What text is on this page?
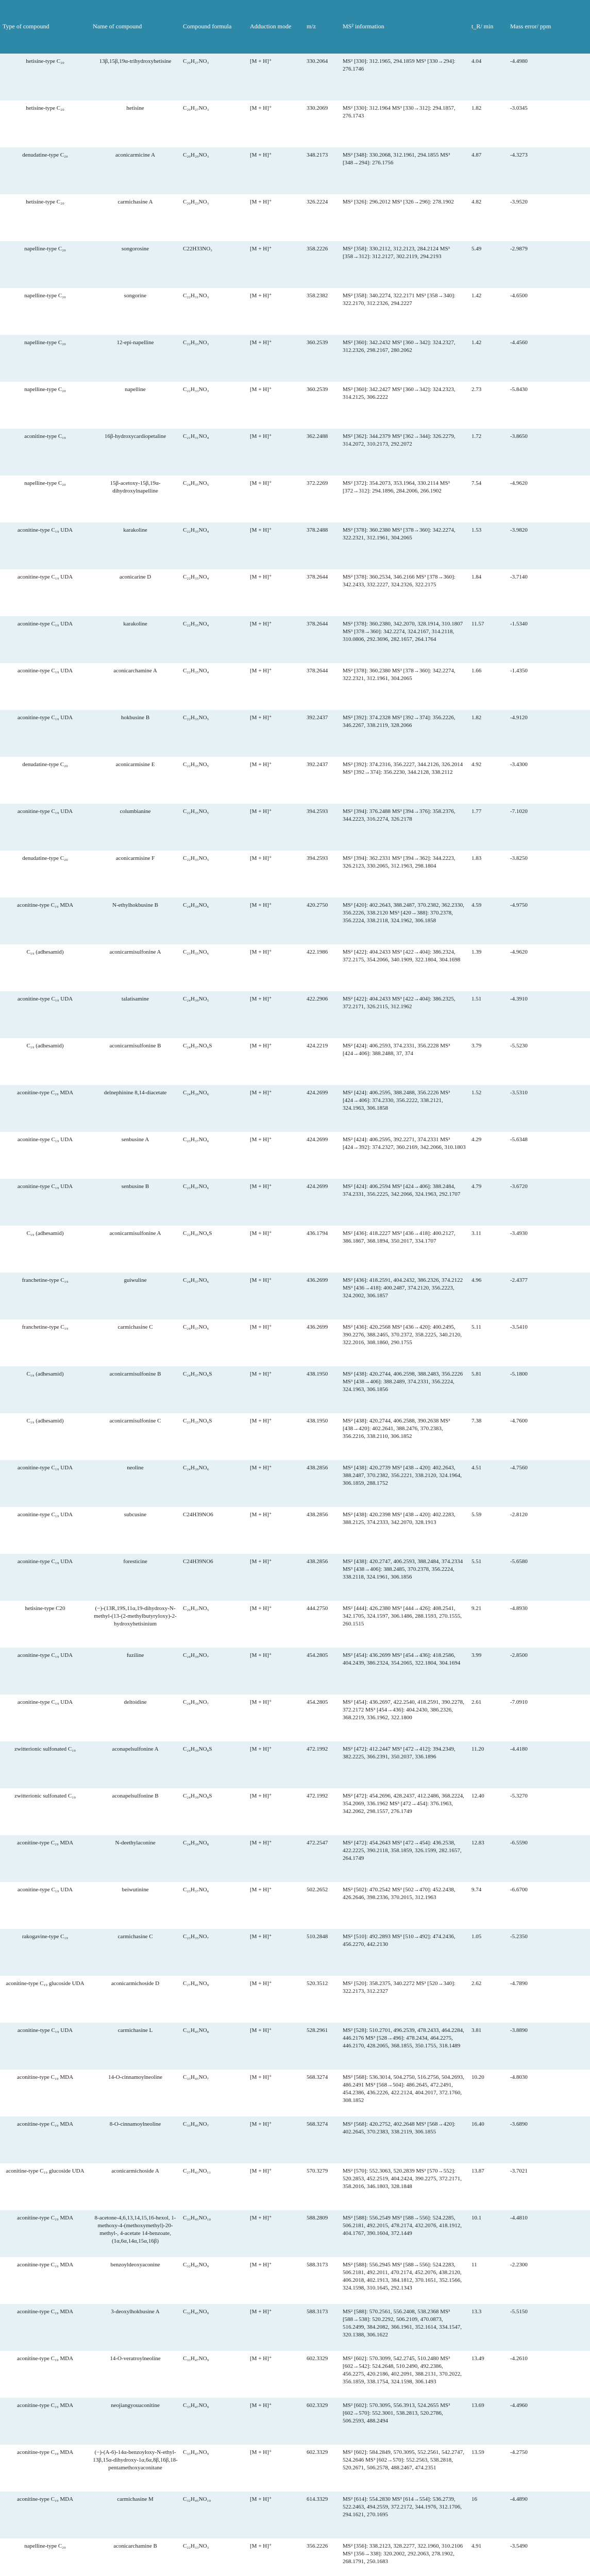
Type of compound	Name of compound	Compound formula	Adduction mode	m/z	MS² information	t_R/ min	Mass error/ ppm
hetisine-type C₂₀	13β,15β,19α-trihydroxyhetisine	C₂₀H₂₇NO₃	[M + H]⁺	330.2064	MS² [330]: 312.1965, 294.1859 MS³ [330→294]: 276.1746	4.04	-4.4980
hetisine-type C₂₀	hetisine	C₂₀H₂₇NO₃	[M + H]⁺	330.2069	MS² [330]: 312.1964 MS³ [330→312]: 294.1857, 276.1743	1.82	-3.0345
denudatine-type C₂₀	aconicarmicine A	C₂₀H₂₉NO₃	[M + H]⁺	348.2173	MS² [348]: 330.2068, 312.1961, 294.1855 MS³ [348→294]: 276.1756	4.87	-4.3273
hetisine-type C₂₀	carmichasine A	C₂₀H₂₃NO₃	[M + H]⁺	326.2224	MS² [326]: 296.2012 MS³ [326→296]: 278.1902	4.82	-3.9520
napelline-type C₂₀	songorosine	C22H33NO₃	[M + H]⁺	358.2226	MS² [358]: 330.2112, 312.2123, 284.2124 MS³ [358→312]: 312.2127, 302.2119, 294.2193	5.49	-2.9879
napelline-type C₂₀	songorine	C₂₂H₃₁NO₃	[M + H]⁺	358.2382	MS² [358]: 340.2274, 322.2171 MS³ [358→340]: 322.2170, 312.2326, 294.2227	1.42	-4.6500
napelline-type C₂₀	12-epi-napelline	C₂₂H₃₃NO₃	[M + H]⁺	360.2539	MS² [360]: 342.2432 MS³ [360→342]: 324.2327, 312.2326, 298.2167, 280.2062	1.42	-4.4560
napelline-type C₂₀	napelline	C₂₂H₃₃NO₃	[M + H]⁺	360.2539	MS² [360]: 342.2427 MS³ [360→342]: 324.2323, 314.2125, 306.2222	2.73	-5.8430
aconitine-type C₁₉	16β-hydroxycardiopetaline	C₂₁H₃₁NO₄	[M + H]⁺	362.2488	MS² [362]: 344.2379 MS³ [362→344]: 326.2279, 314.2072, 310.2173, 292.2072	1.72	-3.8650
napelline-type C₂₀	15β-acetoxy-15β,19α-dihydroxylnapelline	C₂₄H₃₅NO₅	[M + H]⁺	372.2269	MS² [372]: 354.2073, 353.1964, 330.2114 MS³ [372→312]: 294.1896, 284.2006, 266.1902	7.54	-4.9620
aconitine-type C₁₉ UDA	karakoline	C₂₂H₃₅NO₄	[M + H]⁺	378.2488	MS² [378]: 360.2380 MS³ [378→360]: 342.2274, 322.2321, 312.1961, 304.2065	1.53	-3.9820
aconitine-type C₁₉ UDA	aconicarine D	C₂₂H₃₅NO₄	[M + H]⁺	378.2644	MS² [378]: 360.2534, 346.2166 MS³ [378→360]: 342.2433, 332.2227, 324.2326, 322.2175	1.84	-3.7140
aconitine-type C₁₉ UDA	karakoline	C₂₂H₃₅NO₄	[M + H]⁺	378.2644	MS² [378]: 360.2380, 342.2070, 328.1914, 310.1807 MS³ [378→360]: 342.2274, 324.2167, 314.2118, 310.0806, 292.3696, 282.1657, 264.1764	11.57	-1.5340
aconitine-type C₁₉ UDA	aconicarchamine A	C₂₂H₃₅NO₄	[M + H]⁺	378.2644	MS² [378]: 360.2380 MS³ [378→360]: 342.2274, 322.2321, 312.1961, 304.2065	1.66	-1.4350
aconitine-type C₁₉ UDA	hokbusine B	C₂₂H₃₅NO₅	[M + H]⁺	392.2437	MS² [392]: 374.2328 MS³ [392→374]: 356.2226, 346.2267, 338.2119, 328.2066	1.82	-4.9120
denudatine-type C₂₀	aconicarmisine E	C₂₂H₃₅NO₅	[M + H]⁺	392.2437	MS² [392]: 374.2316, 356.2227, 344.2126, 326.2014 MS³ [392→374]: 356.2230, 344.2128, 338.2112	4.92	-3.4300
aconitine-type C₁₉ UDA	columbianine	C₂₂H₃₅NO₅	[M + H]⁺	394.2593	MS² [394]: 376.2488 MS³ [394→376]: 358.2376, 344.2223, 316.2274, 326.2178	1.77	-7.1020
denudatine-type C₂₀	aconicarmisine F	C₂₂H₃₅NO₅	[M + H]⁺	394.2593	MS² [394]: 362.2331 MS³ [394→362]: 344.2223, 326.2123, 330.2065, 312.1963, 298.1804	1.83	-3.8250
aconitine-type C₁₉ MDA	N-ethylhokbusine B	C₂₄H₃₉NO₆	[M + H]⁺	420.2750	MS² [420]: 402.2643, 388.2487, 370.2382, 362.2330, 356.2226, 338.2120 MS³ [420→388]: 370.2378, 356.2224, 338.2118, 324.1962, 306.1858	4.59	-4.9750
C₁₉ (adhesamid)	aconicarmisulfonine A	C₂₃H₃₅NO₆	[M + H]⁺	422.1986	MS² [422]: 404.2433 MS³ [422→404]: 386.2324, 372.2175, 354.2066, 340.1909, 322.1804, 304.1698	1.39	-4.9620
aconitine-type C₁₉ UDA	talatisamine	C₂₄H₃₉NO₅	[M + H]⁺	422.2906	MS² [422]: 404.2433 MS³ [422→404]: 386.2325, 372.2171, 326.2115, 312.1962	1.51	-4.3910
C₁₉ (adhesamid)	aconicarmisulfonine B	C₂₄H₃₇NO₆S	[M + H]⁺	424.2219	MS² [424]: 406.2593, 374.2331, 356.2228 MS³ [424→406]: 388.2488, 37, 374	3.79	-5.5230
aconitine-type C₁₉ MDA	delnephinine 8,14-diacetate	C₂₄H₃₉NO₆	[M + H]⁺	424.2699	MS² [424]: 406.2595, 388.2488, 356.2226 MS³ [424→406]: 374.2330, 356.2222, 338.2121, 324.1963, 306.1858	1.52	-3.5310
aconitine-type C₁₉ UDA	senbusine A	C₂₃H₃₇NO₆	[M + H]⁺	424.2699	MS² [424]: 406.2595, 392.2271, 374.2331 MS³ [424→392]: 374.2327, 360.2169, 342.2066, 310.1803	4.29	-5.6348
aconitine-type C₁₉ UDA	senbusine B	C₂₃H₃₇NO₆	[M + H]⁺	424.2699	MS² [424]: 406.2594 MS³ [424→406]: 388.2484, 374.2331, 356.2225, 342.2066, 324.1963, 292.1707	4.79	-3.6720
C₁₉ (adhesamid)	aconicarmisulfonine A	C₂₂H₃₅NO₆S	[M + H]⁺	436.1794	MS² [436]: 418.2227 MS³ [436→418]: 400.2127, 386.1867, 368.1894, 350.2017, 334.1707	3.11	-3.4930
franchetine-type C₁₉	guiwuline	C₂₄H₃₇NO₆	[M + H]⁺	436.2699	MS² [436]: 418.2591, 404.2432, 386.2326, 374.2122 MS³ [436→418]: 400.2487, 374.2120, 356.2223, 324.2002, 306.1857	4.96	-2.4377
franchetine-type C₁₉	carmichasine C	C₂₄H₃₇NO₆	[M + H]⁺	436.2699	MS² [436]: 420.2568 MS³ [436→420]: 400.2495, 390.2276, 388.2465, 370.2372, 358.2225, 340.2120, 322.2016, 308.1860, 290.1755	5.11	-3.5410
C₁₉ (adhesamid)	aconicarmisulfonine B	C₂₄H₃₇NO₆S	[M + H]⁺	438.1950	MS² [438]: 420.2744, 406.2598, 388.2483, 356.2226 MS³ [438→406]: 388.2489, 374.2331, 356.2224, 324.1963, 306.1856	5.81	-5.1800
C₁₉ (adhesamid)	aconicarmisulfonine C	C₂₃H₃₅NO₆S	[M + H]⁺	438.1950	MS² [438]: 420.2744, 406.2588, 390.2638 MS³ [438→420]: 402.2641, 388.2476, 370.2383, 356.2216, 338.2110, 306.1852	7.38	-4.7600
aconitine-type C₁₉ UDA	neoline	C₂₄H₃₉NO₆	[M + H]⁺	438.2856	MS² [438]: 420.2739 MS³ [438→420]: 402.2643, 388.2487, 370.2382, 356.2221, 338.2120, 324.1964, 306.1859, 288.1752	4.51	-4.7560
aconitine-type C₁₉ UDA	subcusine	C24H39NO6	[M + H]⁺	438.2856	MS² [438]: 420.2398 MS³ [438→420]: 402.2283, 388.2125, 374.2333, 342.2070, 328.1913	5.59	-2.8120
aconitine-type C₁₉ UDA	foresticine	C24H39NO6	[M + H]⁺	438.2856	MS² [438]: 420.2747, 406.2593, 388.2484, 374.2334 MS³ [438→406]: 388.2485, 370.2378, 356.2224, 338.2118, 324.1961, 306.1856	5.51	-5.6580
hetisine-type C20	(−)-(13R,19S,11α,19-dihydroxy-N-methyl-(13-(2-methylbutyryloxy)-2-hydroxyhetisinium	C₂₆H₃₇NO₅	[M + H]⁺	444.2750	MS² [444]: 426.2380 MS³ [444→426]: 408.2541, 342.1705, 324.1597, 306.1486, 288.1593, 270.1555, 260.1515	9.21	-4.8930
aconitine-type C₁₉ UDA	fuziline	C₂₄H₃₉NO₇	[M + H]⁺	454.2805	MS² [454]: 436.2699 MS³ [454→436]: 418.2586, 404.2439, 386.2324, 354.2065, 322.1804, 304.1694	3.99	-2.8500
aconitine-type C₁₉ UDA	deltoidine	C₂₄H₃₉NO₇	[M + H]⁺	454.2805	MS² [454]: 436.2697, 422.2540, 418.2591, 390.2278, 372.2172 MS³ [454→436]: 404.2430, 386.2326, 368.2219, 336.1962, 322.1800	2.61	-7.0910
zwitterionic sulfonated C₁₉	aconapelsulfonine A	C₂₄H₃₉NO₈S	[M + H]⁺	472.1992	MS² [472]: 412.2447 MS³ [472→412]: 394.2349, 382.2225, 366.2391, 350.2037, 336.1896	11.20	-4.4180
zwitterionic sulfonated C₁₉	aconapelsulfonine B	C₂₄H₃₉NO₈S	[M + H]⁺	472.1992	MS² [472]: 454.2696, 428.2437, 412.2486, 368.2224, 354.2069, 336.1962 MS³ [472→454]: 376.1963, 342.2062, 298.1557, 276.1749	12.40	-5.3270
aconitine-type C₁₉ MDA	N-deethylaconine	C₂₄H₃₉NO₈	[M + H]⁺	472.2547	MS² [472]: 454.2643 MS³ [472→454]: 436.2538, 422.2225, 390.2118, 358.1859, 326.1599, 282.1657, 264.1749	12.83	-6.5590
aconitine-type C₁₉ UDA	beiwutinine	C₂₃H₃₇NO₆	[M + H]⁺	502.2652	MS² [502]: 470.2542 MS³ [502→470]: 452.2438, 426.2646, 398.2336, 370.2015, 312.1963	9.74	-6.6700
rakogavine-type C₁₉	carmichasine C	C₂₃H₃₅NO₇	[M + H]⁺	510.2848	MS² [510]: 492.2893 MS³ [510→492]: 474.2436, 456.2270, 442.2130	1.05	-5.2350
aconitine-type C₁₉ glucoside UDA	aconicarmichoside D	C₂₇H₄₁NO₉	[M + H]⁺	520.3512	MS² [520]: 358.2375, 340.2272 MS³ [520→340]: 322.2173, 312.2327	2.62	-4.7890
aconitine-type C₁₉ UDA	carmichasine L	C₃₁H₄₅NO₈	[M + H]⁺	528.2961	MS² [528]: 510.2701, 496.2539, 478.2433, 464.2284, 446.2176 MS³ [528→496]: 478.2434, 464.2275, 446.2170, 428.2065, 368.1855, 350.1755, 318.1489	3.81	-3.8890
aconitine-type C₁₉ MDA	14-O-cinnamoylneoline	C₃₃H₄₅NO₇	[M + H]⁺	568.3274	MS² [568]: 536.3014, 504.2750, 516.2756, 504.2693, 486.2491 MS³ [568→504]: 486.2645, 472.2491, 454.2386, 436.2226, 422.2124, 404.2017, 372.1760, 308.1852	10.20	-4.8030
aconitine-type C₁₉ MDA	8-O-cinnamoylneoline	C₃₃H₄₅NO₇	[M + H]⁺	568.3274	MS² [568]: 420.2752, 402.2648 MS³ [568→420]: 402.2645, 370.2383, 338.2119, 306.1855	16.40	-3.6890
aconitine-type C₁₉ glucoside UDA	aconicarmichoside A	C₂₇H₄₃NO₁₁	[M + H]⁺	570.3279	MS² [570]: 552.3063, 520.2839 MS³ [570→552]: 520.2853, 452.2519, 404.2424, 390.2275, 372.2171, 358.2016, 346.1803, 328.1848	13.87	-3.7021
aconitine-type C₁₉ MDA	8-acetone-4,6,13,14,15,16-hexol, 1-methoxy-4-(methoxymethyl)-20-methyl-, 4-acetate 14-benzoate, (1α,6α,14α,15α,16β)	C₃₃H₄₅NO₁₀	[M + H]⁺	588.2809	MS² [588]: 556.2549 MS³ [588→556]: 524.2285, 506.2181, 492.2015, 478.2174, 432.2076, 418.1912, 404.1767, 390.1604, 372.1449	10.1	-4.4810
aconitine-type C₁₉ MDA	benzoyldeoxyaconine	C₃₂H₄₅NO₉	[M + H]⁺	588.3173	MS² [588]: 556.2945 MS³ [588→556]: 524.2283, 506.2181, 492.2011, 470.2174, 452.2076, 438.2120, 406.2018, 402.1913, 384.1812, 370.1651, 352.1566, 324.1598, 310.1645, 292.1343	11	-2.2300
aconitine-type C₁₉ MDA	3-deoxylhokbusine A	C₃₂H₄₅NO₉	[M + H]⁺	588.3173	MS² [588]: 570.2561, 556.2408, 538.2368 MS³ [588→538]: 520.2292, 506.2109, 470.0873, 516.2499, 384.2082, 366.1961, 352.1614, 334.1547, 320.1388, 306.1622	13.3	-5.5150
aconitine-type C₁₉ MDA	14-O-veratroylneoline	C₃₃H₄₇NO₉	[M + H]⁺	602.3329	MS² [602]: 570.3099, 542.2745, 510.2480 MS³ [602→542]: 524.2648, 510.2490, 492.2386, 456.2275, 420.2186, 402.2091, 388.2131, 370.2022, 356.1859, 338.1754, 324.1598, 306.1493	13.49	-4.2610
aconitine-type C₁₉ MDA	neojiangyouaconitine	C₃₃H₄₇NO₉	[M + H]⁺	602.3329	MS² [602]: 570.3095, 556.3913, 524.2655 MS³ [602→570]: 552.3001, 538.2813, 520.2786, 506.2593, 488.2494	13.69	-4.4960
aconitine-type C₁₉ MDA	(−)-(A-6)-14α-benzoyloxy-N-ethyl-13β,15α-dihydroxy-1α,6α,8β,16β,18-pentamethoxyaconitane	C₃₃H₄₇NO₉	[M + H]⁺	602.3329	MS² [602]: 584.2849, 570.3095, 552.2561, 542.2747, 524.2646 MS³ [602→570]: 552.2563, 538.2818, 520.2671, 506.2578, 488.2467, 474.2351	13.59	-4.2750
aconitine-type C₁₉ MDA	carmichasine M	C₃₂H₄₅NO₁₀	[M + H]⁺	614.3329	MS² [614]: 554.2830 MS³ [614→554]: 536.2739, 522.2463, 494.2559, 372.2172, 344.1976, 312.1706, 294.1621, 270.1695	16	-4.4890
napelline-type C₂₀	aconicarchamine B	C₂₂H₃₃NO₃	[M + H]⁺	356.2226	MS² [356]: 338.2123, 328.2277, 322.1960, 310.2106 MS³ [356→338]: 320.2002, 292.2063, 278.1902, 268.1791, 250.1683	4.91	-3.5490
